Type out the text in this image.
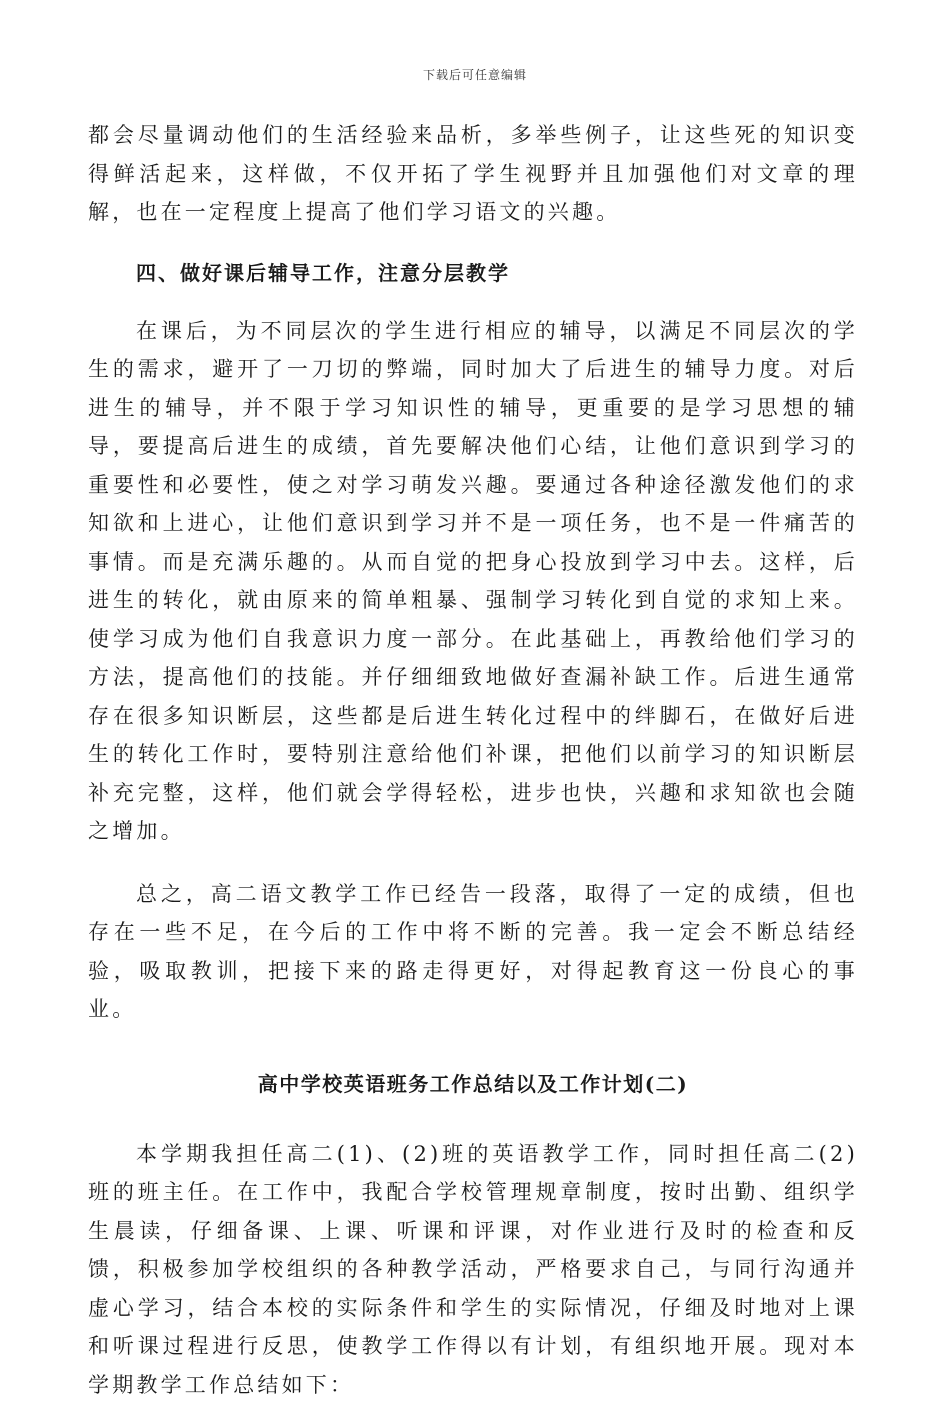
下载后可任意编辑

都会尽量调动他们的生活经验来品析，多举些例子，让这些死的知识变得鲜活起来，这样做，不仅开拓了学生视野并且加强他们对文章的理解，也在一定程度上提高了他们学习语文的兴趣。

四、做好课后辅导工作，注意分层教学

在课后，为不同层次的学生进行相应的辅导，以满足不同层次的学生的需求，避开了一刀切的弊端，同时加大了后进生的辅导力度。对后进生的辅导，并不限于学习知识性的辅导，更重要的是学习思想的辅导，要提高后进生的成绩，首先要解决他们心结，让他们意识到学习的重要性和必要性，使之对学习萌发兴趣。要通过各种途径激发他们的求知欲和上进心，让他们意识到学习并不是一项任务，也不是一件痛苦的事情。而是充满乐趣的。从而自觉的把身心投放到学习中去。这样，后进生的转化，就由原来的简单粗暴、强制学习转化到自觉的求知上来。使学习成为他们自我意识力度一部分。在此基础上，再教给他们学习的方法，提高他们的技能。并仔细细致地做好查漏补缺工作。后进生通常存在很多知识断层，这些都是后进生转化过程中的绊脚石，在做好后进生的转化工作时，要特别注意给他们补课，把他们以前学习的知识断层补充完整，这样，他们就会学得轻松，进步也快，兴趣和求知欲也会随之增加。

总之，高二语文教学工作已经告一段落，取得了一定的成绩，但也存在一些不足，在今后的工作中将不断的完善。我一定会不断总结经验，吸取教训，把接下来的路走得更好，对得起教育这一份良心的事业。

高中学校英语班务工作总结以及工作计划(二)

本学期我担任高二(1)、(2)班的英语教学工作，同时担任高二(2)班的班主任。在工作中，我配合学校管理规章制度，按时出勤、组织学生晨读，仔细备课、上课、听课和评课，对作业进行及时的检查和反馈，积极参加学校组织的各种教学活动，严格要求自己，与同行沟通并虚心学习，结合本校的实际条件和学生的实际情况，仔细及时地对上课和听课过程进行反思，使教学工作得以有计划，有组织地开展。现对本学期教学工作总结如下：
